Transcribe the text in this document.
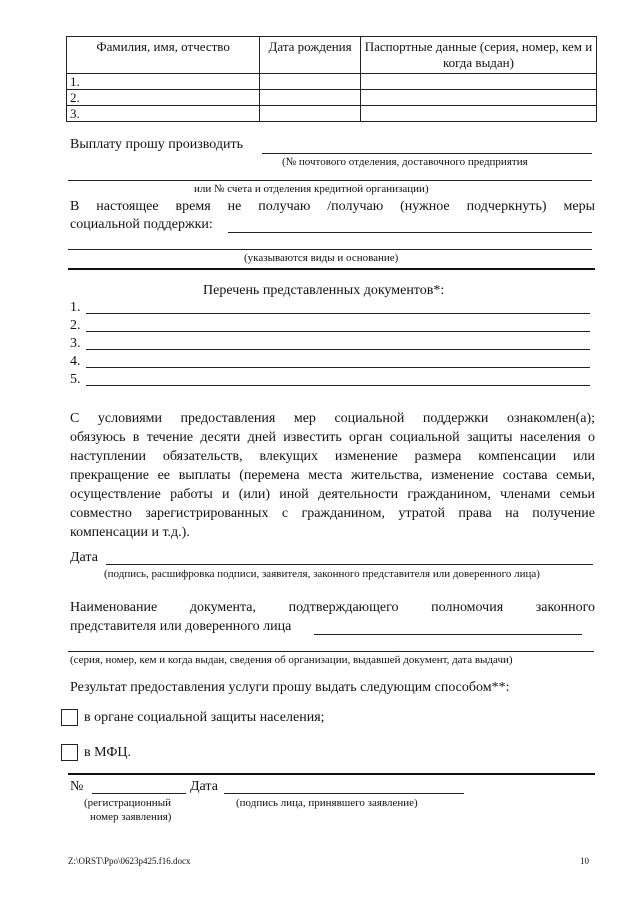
Фамилия, имя, отчество	Дата рождения	Паспортные данные (серия, номер, кем и когда выдан)
1.		
2.		
3.		
Выплату прошу производить
(№ почтового отделения, доставочного предприятия
или № счета и отделения кредитной организации)
В настоящее время не получаю /получаю (нужное подчеркнуть) меры
социальной поддержки:
(указываются виды и основание)
Перечень представленных документов*:
1.
2.
3.
4.
5.
С условиями предоставления мер социальной поддержки ознакомлен(а);
обязуюсь в течение десяти дней известить орган социальной защиты населения о
наступлении обязательств, влекущих изменение размера компенсации или
прекращение ее выплаты (перемена места жительства, изменение состава семьи,
осуществление работы и (или) иной деятельности гражданином, членами семьи
совместно зарегистрированных с гражданином, утратой права на получение
компенсации и т.д.).
Дата
(подпись, расшифровка подписи, заявителя, законного представителя или доверенного лица)
Наименование документа, подтверждающего полномочия законного
представителя или доверенного лица
(серия, номер, кем и когда выдан, сведения об организации, выдавшей документ, дата выдачи)
Результат предоставления услуги прошу выдать следующим способом**:
в органе социальной защиты населения;
в МФЦ.
№	Дата
(регистрационный
номер заявления)
(подпись лица, принявшего заявление)
Z:\ORST\Ppo\0623p425.f16.docx	10
